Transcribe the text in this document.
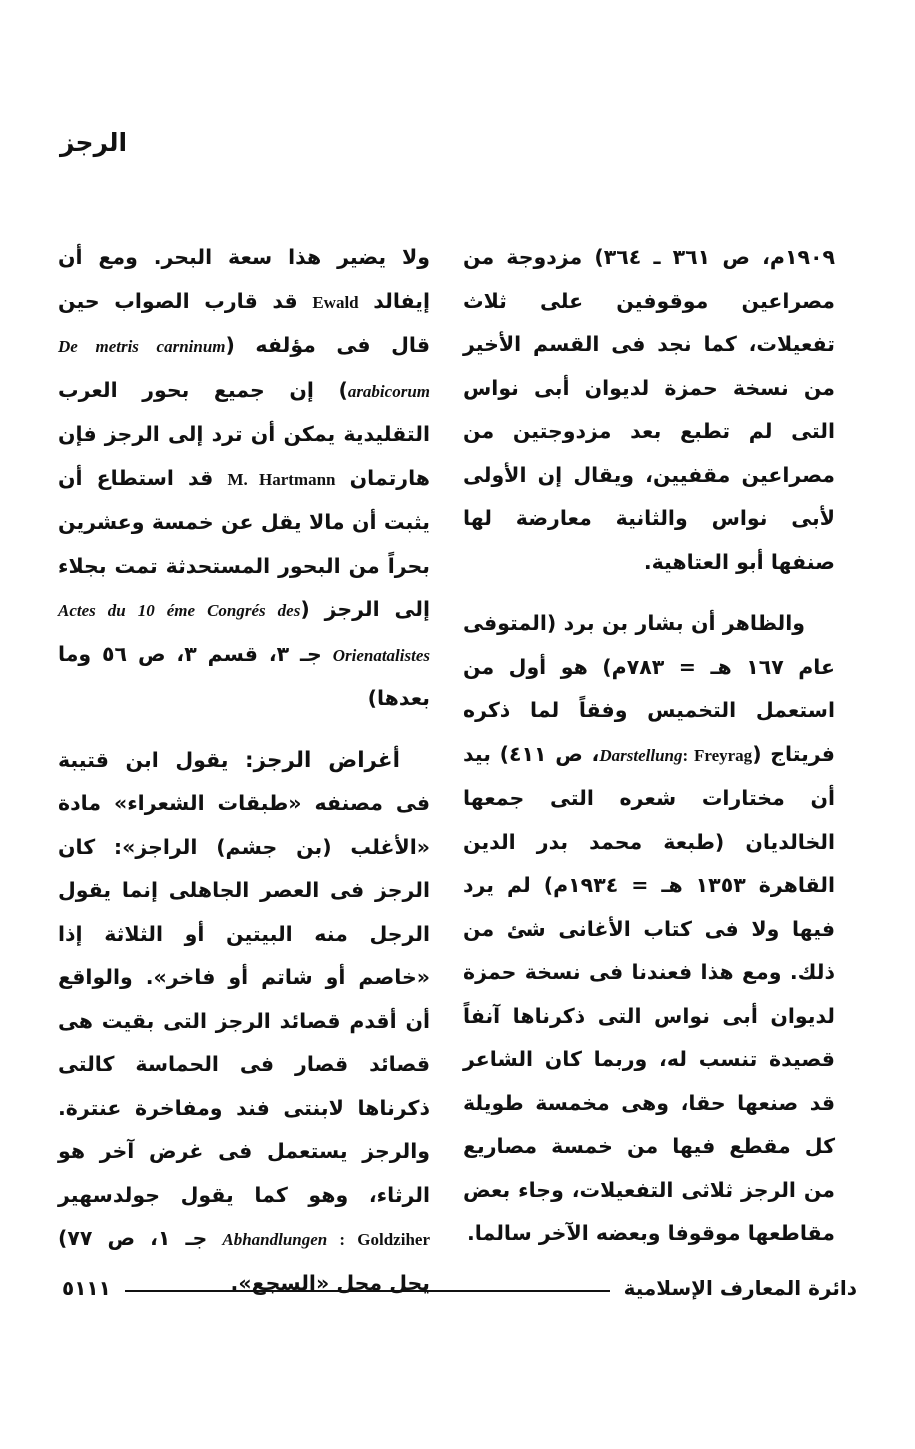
الرجز

١٩٠٩م، ص ٣٦١ ـ ٣٦٤) مزدوجة من مصراعين موقوفين على ثلاث تفعيلات، كما نجد فى القسم الأخير من نسخة حمزة لديوان أبى نواس التى لم تطبع بعد مزدوجتين من مصراعين مقفيين، ويقال إن الأولى لأبى نواس والثانية معارضة لها صنفها أبو العتاهية.

والظاهر أن بشار بن برد (المتوفى عام ١٦٧ هـ = ٧٨٣م) هو أول من استعمل التخميس وفقاً لما ذكره فريتاج (Darstellung: Freyrag، ص ٤١١) بيد أن مختارات شعره التى جمعها الخالديان (طبعة محمد بدر الدين القاهرة ١٣٥٣ هـ = ١٩٣٤م) لم يرد فيها ولا فى كتاب الأغانى شئ من ذلك. ومع هذا فعندنا فى نسخة حمزة لديوان أبى نواس التى ذكرناها آنفاً قصيدة تنسب له، وربما كان الشاعر قد صنعها حقا، وهى مخمسة طويلة كل مقطع فيها من خمسة مصاريع من الرجز ثلاثى التفعيلات، وجاء بعض مقاطعها موقوفا وبعضه الآخر سالما.

ولا يضير هذا سعة البحر. ومع أن إيفالد Ewald قد قارب الصواب حين قال فى مؤلفه (De metris carninum arabicorum) إن جميع بحور العرب التقليدية يمكن أن ترد إلى الرجز فإن هارتمان M. Hartmann قد استطاع أن يثبت أن مالا يقل عن خمسة وعشرين بحراً من البحور المستحدثة تمت بجلاء إلى الرجز (Actes du 10 éme Congrés des Orienatalistes جـ ٣، قسم ٣، ص ٥٦ وما بعدها)

أغراض الرجز: يقول ابن قتيبة فى مصنفه «طبقات الشعراء» مادة «الأغلب (بن جشم) الراجز»: كان الرجز فى العصر الجاهلى إنما يقول الرجل منه البيتين أو الثلاثة إذا «خاصم أو شاتم أو فاخر». والواقع أن أقدم قصائد الرجز التى بقيت هى قصائد قصار فى الحماسة كالتى ذكرناها لابنتى فند ومفاخرة عنترة. والرجز يستعمل فى غرض آخر هو الرثاء، وهو كما يقول جولدسهير Abhandlungen : Goldziher جـ ١، ص ٧٧) يحل محل «السجع».

٥١١١	دائرة المعارف الإسلامية
